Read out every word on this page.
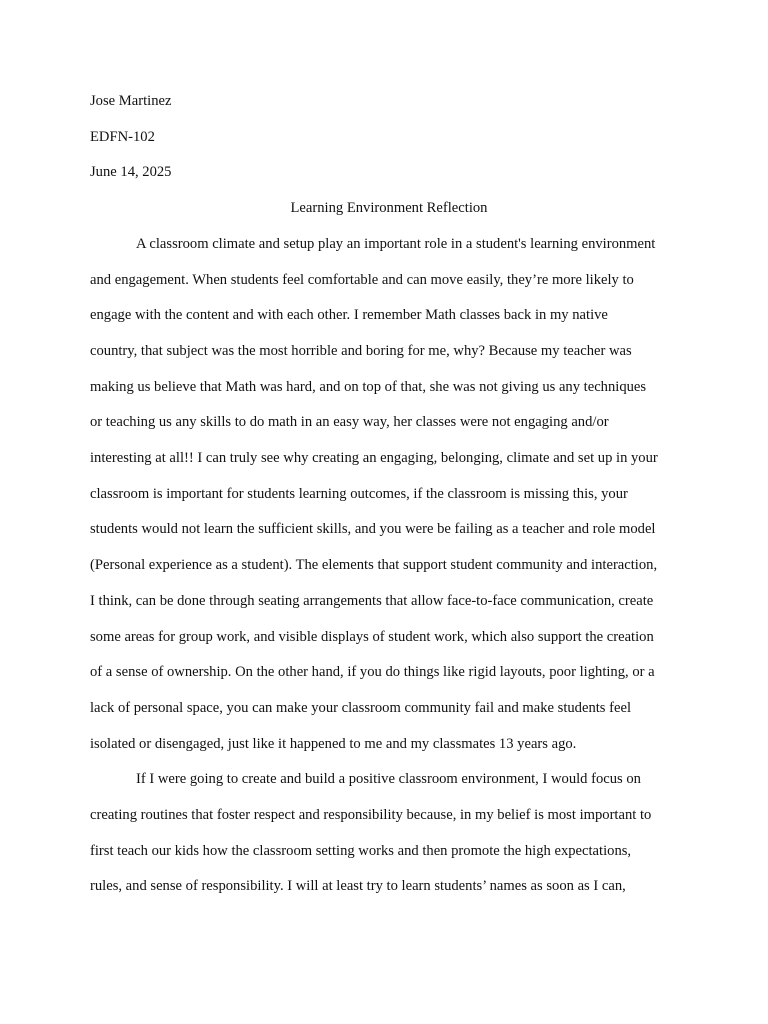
Jose Martinez

EDFN-102

June 14, 2025

Learning Environment Reflection

A classroom climate and setup play an important role in a student's learning environment
and engagement. When students feel comfortable and can move easily, they’re more likely to
engage with the content and with each other. I remember Math classes back in my native
country, that subject was the most horrible and boring for me, why? Because my teacher was
making us believe that Math was hard, and on top of that, she was not giving us any techniques
or teaching us any skills to do math in an easy way, her classes were not engaging and/or
interesting at all!! I can truly see why creating an engaging, belonging, climate and set up in your
classroom is important for students learning outcomes, if the classroom is missing this, your
students would not learn the sufficient skills, and you were be failing as a teacher and role model
(Personal experience as a student). The elements that support student community and interaction,
I think, can be done through seating arrangements that allow face-to-face communication, create
some areas for group work, and visible displays of student work, which also support the creation
of a sense of ownership. On the other hand, if you do things like rigid layouts, poor lighting, or a
lack of personal space, you can make your classroom community fail and make students feel
isolated or disengaged, just like it happened to me and my classmates 13 years ago.

If I were going to create and build a positive classroom environment, I would focus on
creating routines that foster respect and responsibility because, in my belief is most important to
first teach our kids how the classroom setting works and then promote the high expectations,
rules, and sense of responsibility. I will at least try to learn students’ names as soon as I can,
